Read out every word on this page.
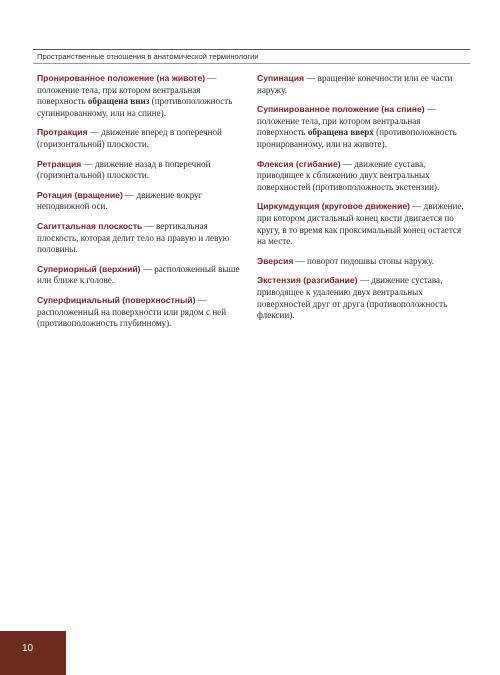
Пространственные отношения в анатомической терминологии

Пронированное положение (на животе) — положение тела, при котором вентральная поверхность обращена вниз (противоположность супинированному, или на спине).

Протракция — движение вперед в поперечной (горизонтальной) плоскости.

Ретракция — движение назад в поперечной (горизонтальной) плоскости.

Ротация (вращение) — движение вокруг неподвижной оси.

Сагиттальная плоскость — вертикальная плоскость, которая делит тело на правую и левую половины.

Супериорный (верхний) — расположенный выше или ближе к голове.

Суперфициальный (поверхностный) — расположенный на поверхности или рядом с ней (противоположность глубинному).

Супинация — вращение конечности или ее части наружу.

Супинированное положение (на спине) — положение тела, при котором вентральная поверхность обращена вверх (противоположность пронированному, или на животе).

Флексия (сгибание) — движение сустава, приводящее к сближению двух вентральных поверхностей (противоположность экстензии).

Циркумдукция (круговое движение) — движение, при котором дистальный конец кости двигается по кругу, в то время как проксимальный конец остается на месте.

Эверсия — поворот подошвы стопы наружу.

Экстензия (разгибание) — движение сустава, приводящее к удалению двух вентральных поверхностей друг от друга (противоположность флексии).

10
